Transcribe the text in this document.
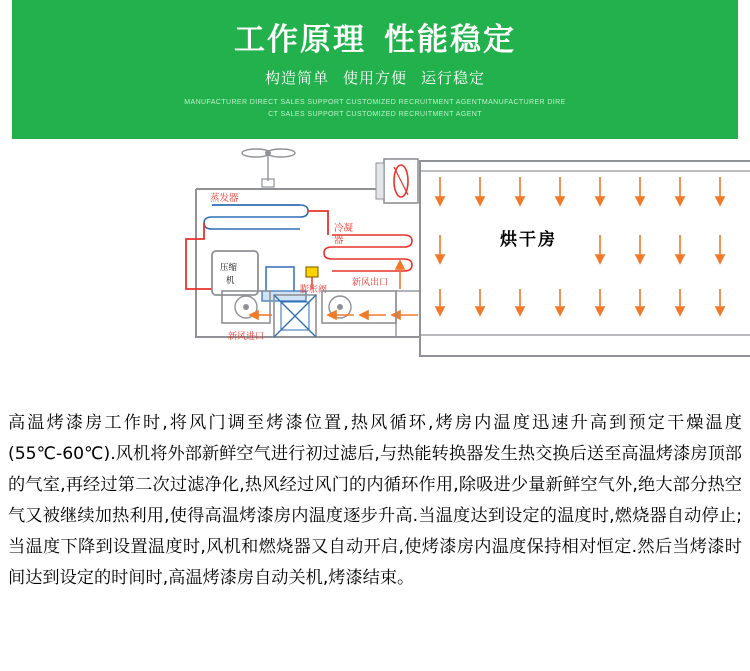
工作原理 性能稳定
构造简单 使用方便 运行稳定
MANUFACTURER DIRECT SALES SUPPORT CUSTOMIZED RECRUITMENT AGENTMANUFACTURER DIRE
CT SALES SUPPORT CUSTOMIZED RECRUITMENT AGENT
烘干房
蒸发器
压缩
机
冷凝
器
膨胀阀
新风出口
新风进口
高温烤漆房工作时,将风门调至烤漆位置,热风循环,烤房内温度迅速升高到预定干燥温度(55℃-60℃).风机将外部新鲜空气进行初过滤后,与热能转换器发生热交换后送至高温烤漆房顶部的气室,再经过第二次过滤净化,热风经过风门的内循环作用,除吸进少量新鲜空气外,绝大部分热空气又被继续加热利用,使得高温烤漆房内温度逐步升高.当温度达到设定的温度时,燃烧器自动停止;当温度下降到设置温度时,风机和燃烧器又自动开启,使烤漆房内温度保持相对恒定.然后当烤漆时间达到设定的时间时,高温烤漆房自动关机,烤漆结束。
